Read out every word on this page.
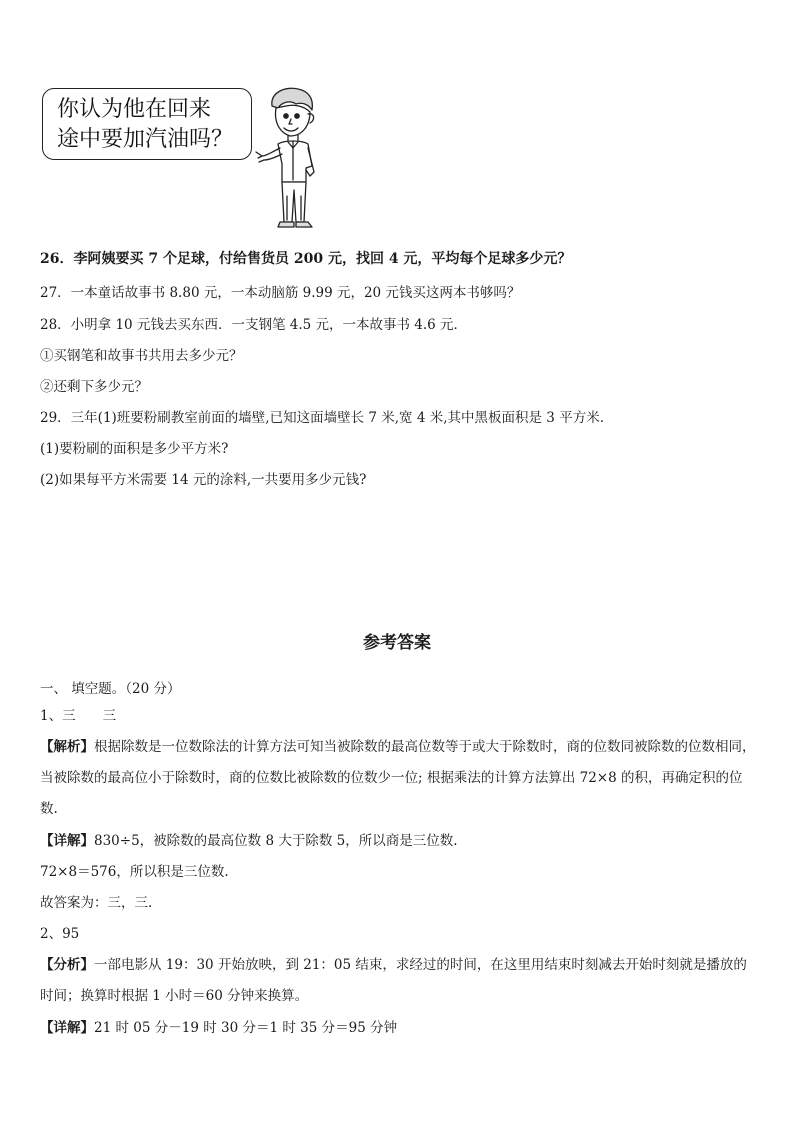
你认为他在回来
途中要加汽油吗？
26．李阿姨要买 7 个足球，付给售货员 200 元，找回 4 元，平均每个足球多少元？
27．一本童话故事书 8.80 元，一本动脑筋 9.99 元，20 元钱买这两本书够吗？
28．小明拿 10 元钱去买东西．一支钢笔 4.5 元，一本故事书 4.6 元．
①买钢笔和故事书共用去多少元？
②还剩下多少元？
29．三年(1)班要粉刷教室前面的墙壁,已知这面墙壁长 7 米,宽 4 米,其中黑板面积是 3 平方米.
(1)要粉刷的面积是多少平方米?
(2)如果每平方米需要 14 元的涂料,一共要用多少元钱?
参考答案
一、 填空题。（20 分）
1、三　　三
【解析】根据除数是一位数除法的计算方法可知当被除数的最高位数等于或大于除数时，商的位数同被除数的位数相同，当被除数的最高位小于除数时，商的位数比被除数的位数少一位; 根据乘法的计算方法算出 72×8 的积，再确定积的位数.
【详解】830÷5，被除数的最高位数 8 大于除数 5，所以商是三位数.
72×8＝576，所以积是三位数.
故答案为：三，三.
2、95
【分析】一部电影从 19：30 开始放映，到 21：05 结束，求经过的时间，在这里用结束时刻减去开始时刻就是播放的时间；换算时根据 1 小时＝60 分钟来换算。
【详解】21 时 05 分－19 时 30 分＝1 时 35 分＝95 分钟
